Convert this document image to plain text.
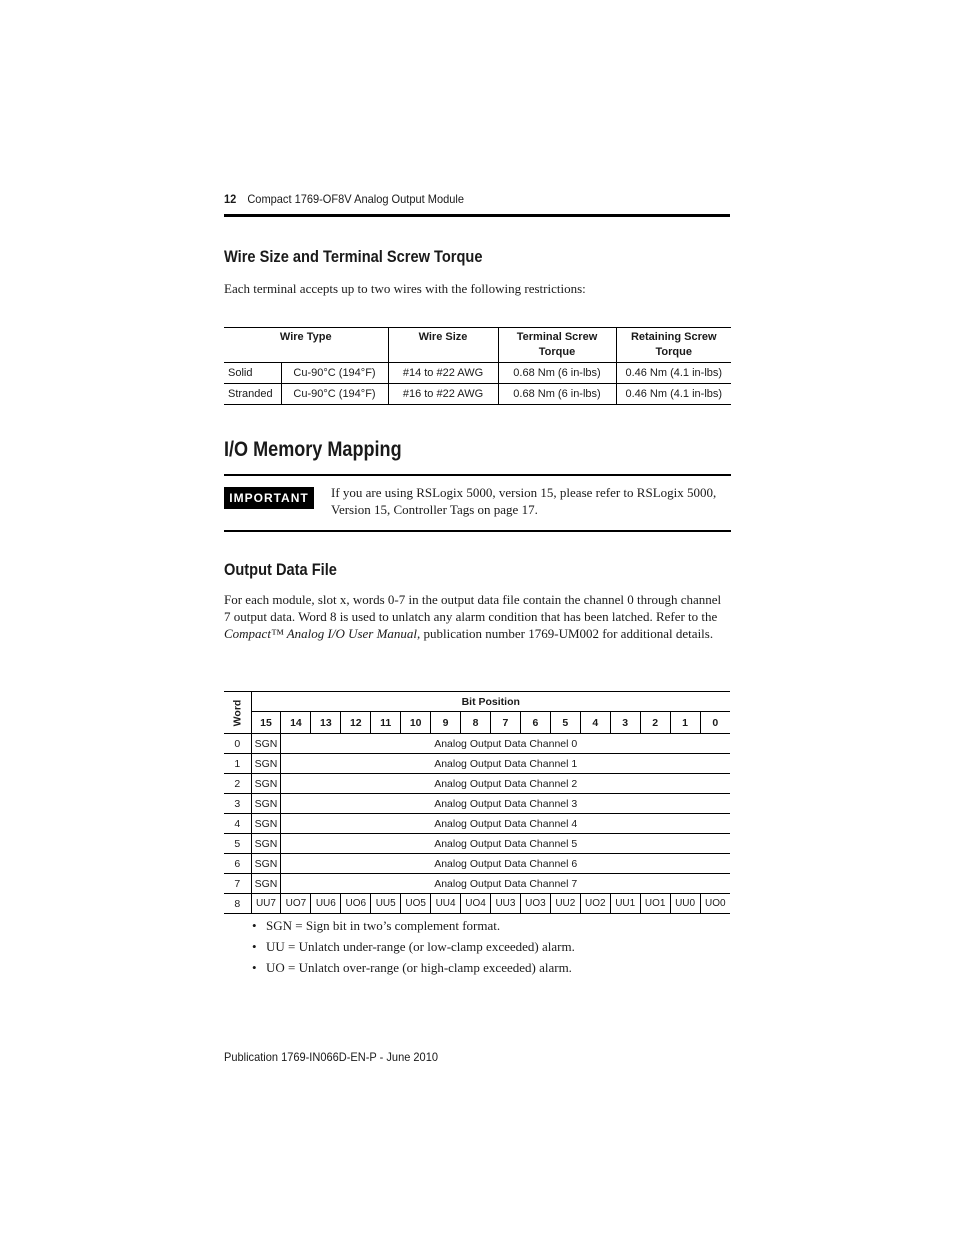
12 Compact 1769-OF8V Analog Output Module
Wire Size and Terminal Screw Torque
Each terminal accepts up to two wires with the following restrictions:
Wire Type		Wire Size	Terminal Screw Torque	Retaining Screw Torque
Solid	Cu-90°C (194°F)	#14 to #22 AWG	0.68 Nm (6 in-lbs)	0.46 Nm (4.1 in-lbs)
Stranded	Cu-90°C (194°F)	#16 to #22 AWG	0.68 Nm (6 in-lbs)	0.46 Nm (4.1 in-lbs)
I/O Memory Mapping
IMPORTANT	If you are using RSLogix 5000, version 15, please refer to RSLogix 5000, Version 15, Controller Tags on page 17.
Output Data File

For each module, slot x, words 0-7 in the output data file contain the channel 0 through channel 7 output data. Word 8 is used to unlatch any alarm condition that has been latched. Refer to the Compact™ Analog I/O User Manual, publication number 1769-UM002 for additional details.

Word	Bit Position															
	15	14	13	12	11	10	9	8	7	6	5	4	3	2	1	0
0	SGN	Analog Output Data Channel 0														
1	SGN	Analog Output Data Channel 1														
2	SGN	Analog Output Data Channel 2														
3	SGN	Analog Output Data Channel 3														
4	SGN	Analog Output Data Channel 4														
5	SGN	Analog Output Data Channel 5														
6	SGN	Analog Output Data Channel 6														
7	SGN	Analog Output Data Channel 7														
8	UU7	UO7	UU6	UO6	UU5	UO5	UU4	UO4	UU3	UO3	UU2	UO2	UU1	UO1	UU0	UO0
• SGN = Sign bit in two’s complement format.
• UU = Unlatch under-range (or low-clamp exceeded) alarm.
• UO = Unlatch over-range (or high-clamp exceeded) alarm.
Publication 1769-IN066D-EN-P - June 2010
